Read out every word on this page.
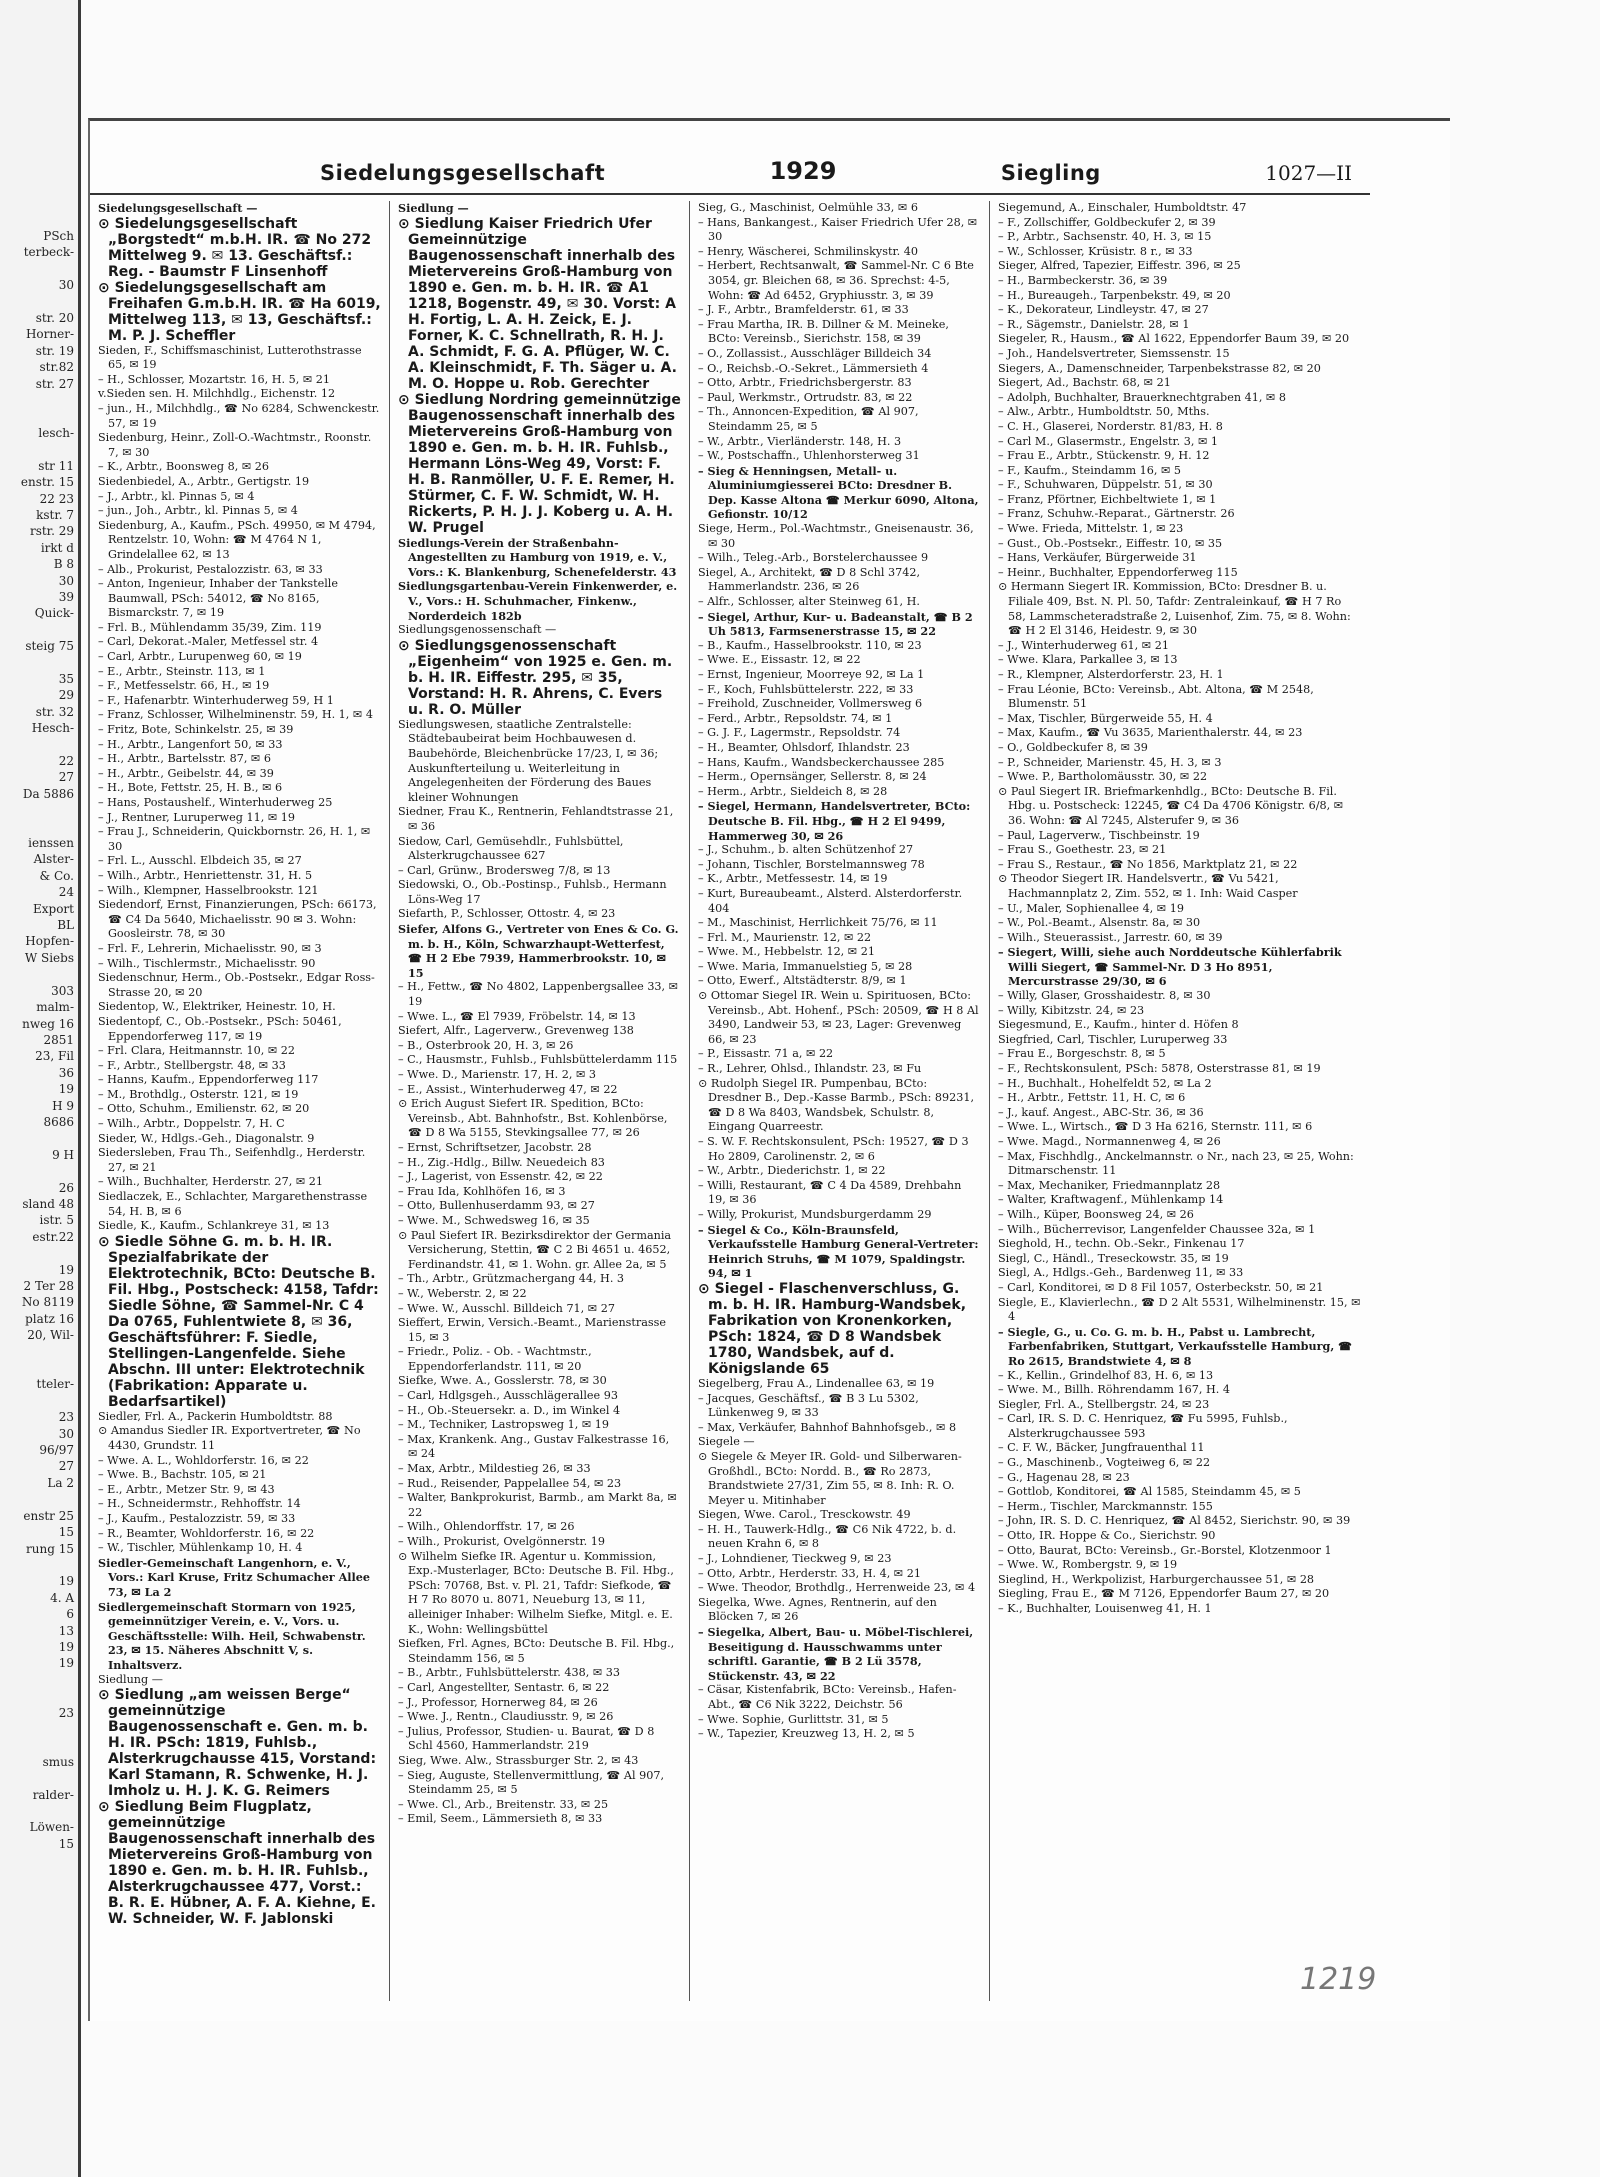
PSch
terbeck-

30

str. 20
Horner-
str. 19
str.82
str. 27

lesch-

str 11
enstr. 15
22 23
kstr. 7
rstr. 29
irkt d
B 8
30
39
Quick-

steig 75

35
29
str. 32
Hesch-

22
27
Da 5886

ienssen
Alster-
& Co.
24
Export
BL
Hopfen-
W Siebs

303
malm-
nweg 16
2851
23, Fil
36
19
H 9
8686

9 H

26
sland 48
istr. 5
estr.22

19
2 Ter 28
No 8119
platz 16
20, Wil-

tteler-

23
30
96/97
27
La 2

enstr 25
15
rung 15

19
4. A
6
13
19
19

23

smus

ralder-

Löwen-
15
Siedelungsgesellschaft	1929	Siegling	1027—II

Siedelungsgesellschaft —

⊙ Siedelungsgesellschaft „Borgstedt“ m.b.H. IR. ☎ No 272 Mittelweg 9. ✉ 13. Geschäftsf.: Reg. - Baumstr F Linsenhoff

⊙ Siedelungsgesellschaft am Freihafen G.m.b.H. IR. ☎ Ha 6019, Mittelweg 113, ✉ 13, Geschäftsf.: M. P. J. Scheffler

Sieden, F., Schiffsmaschinist, Lutterothstrasse 65, ✉ 19

– H., Schlosser, Mozartstr. 16, H. 5, ✉ 21

v.Sieden sen. H. Milchhdlg., Eichenstr. 12

– jun., H., Milchhdlg., ☎ No 6284, Schwenckestr. 57, ✉ 19

Siedenburg, Heinr., Zoll-O.-Wachtmstr., Roonstr. 7, ✉ 30

– K., Arbtr., Boonsweg 8, ✉ 26

Siedenbiedel, A., Arbtr., Gertigstr. 19

– J., Arbtr., kl. Pinnas 5, ✉ 4

– jun., Joh., Arbtr., kl. Pinnas 5, ✉ 4

Siedenburg, A., Kaufm., PSch. 49950, ✉ M 4794, Rentzelstr. 10, Wohn: ☎ M 4764 N 1, Grindelallee 62, ✉ 13

– Alb., Prokurist, Pestalozzistr. 63, ✉ 33

– Anton, Ingenieur, Inhaber der Tankstelle Baumwall, PSch: 54012, ☎ No 8165, Bismarckstr. 7, ✉ 19

– Frl. B., Mühlendamm 35/39, Zim. 119

– Carl, Dekorat.-Maler, Metfessel str. 4

– Carl, Arbtr., Lurupenweg 60, ✉ 19

– E., Arbtr., Steinstr. 113, ✉ 1

– F., Metfesselstr. 66, H., ✉ 19

– F., Hafenarbtr. Winterhuderweg 59, H 1

– Franz, Schlosser, Wilhelminenstr. 59, H. 1, ✉ 4

– Fritz, Bote, Schinkelstr. 25, ✉ 39

– H., Arbtr., Langenfort 50, ✉ 33

– H., Arbtr., Bartelsstr. 87, ✉ 6

– H., Arbtr., Geibelstr. 44, ✉ 39

– H., Bote, Fettstr. 25, H. B., ✉ 6

– Hans, Postaushelf., Winterhuderweg 25

– J., Rentner, Luruperweg 11, ✉ 19

– Frau J., Schneiderin, Quickbornstr. 26, H. 1, ✉ 30

– Frl. L., Ausschl. Elbdeich 35, ✉ 27

– Wilh., Arbtr., Henriettenstr. 31, H. 5

– Wilh., Klempner, Hasselbrookstr. 121

Siedendorf, Ernst, Finanzierungen, PSch: 66173, ☎ C4 Da 5640, Michaelisstr. 90 ✉ 3. Wohn: Goosleirstr. 78, ✉ 30

– Frl. F., Lehrerin, Michaelisstr. 90, ✉ 3

– Wilh., Tischlermstr., Michaelisstr. 90

Siedenschnur, Herm., Ob.-Postsekr., Edgar Ross-Strasse 20, ✉ 20

Siedentop, W., Elektriker, Heinestr. 10, H.

Siedentopf, C., Ob.-Postsekr., PSch: 50461, Eppendorferweg 117, ✉ 19

– Frl. Clara, Heitmannstr. 10, ✉ 22

– F., Arbtr., Stellbergstr. 48, ✉ 33

– Hanns, Kaufm., Eppendorferweg 117

– M., Brothdlg., Osterstr. 121, ✉ 19

– Otto, Schuhm., Emilienstr. 62, ✉ 20

– Wilh., Arbtr., Doppelstr. 7, H. C

Sieder, W., Hdlgs.-Geh., Diagonalstr. 9

Siedersleben, Frau Th., Seifenhdlg., Herderstr. 27, ✉ 21

– Wilh., Buchhalter, Herderstr. 27, ✉ 21

Siedlaczek, E., Schlachter, Margarethenstrasse 54, H. B, ✉ 6

Siedle, K., Kaufm., Schlankreye 31, ✉ 13

⊙ Siedle Söhne G. m. b. H. IR. Spezialfabrikate der Elektrotechnik, BCto: Deutsche B. Fil. Hbg., Postscheck: 4158, Tafdr: Siedle Söhne, ☎ Sammel-Nr. C 4 Da 0765, Fuhlentwiete 8, ✉ 36, Geschäftsführer: F. Siedle, Stellingen-Langenfelde. Siehe Abschn. III unter: Elektrotechnik (Fabrikation: Apparate u. Bedarfsartikel)

Siedler, Frl. A., Packerin Humboldtstr. 88

⊙ Amandus Siedler IR. Exportvertreter, ☎ No 4430, Grundstr. 11

– Wwe. A. L., Wohldorferstr. 16, ✉ 22

– Wwe. B., Bachstr. 105, ✉ 21

– E., Arbtr., Metzer Str. 9, ✉ 43

– H., Schneidermstr., Rehhoffstr. 14

– J., Kaufm., Pestalozzistr. 59, ✉ 33

– R., Beamter, Wohldorferstr. 16, ✉ 22

– W., Tischler, Mühlenkamp 10, H. 4

Siedler-Gemeinschaft Langenhorn, e. V., Vors.: Karl Kruse, Fritz Schumacher Allee 73, ✉ La 2

Siedlergemeinschaft Stormarn von 1925, gemeinnütziger Verein, e. V., Vors. u. Geschäftsstelle: Wilh. Heil, Schwabenstr. 23, ✉ 15. Näheres Abschnitt V, s. Inhaltsverz.

Siedlung —

⊙ Siedlung „am weissen Berge“ gemeinnützige Baugenossenschaft e. Gen. m. b. H. IR. PSch: 1819, Fuhlsb., Alsterkrugchausse 415, Vorstand: Karl Stamann, R. Schwenke, H. J. Imholz u. H. J. K. G. Reimers

⊙ Siedlung Beim Flugplatz, gemeinnützige Baugenossenschaft innerhalb des Mietervereins Groß-Hamburg von 1890 e. Gen. m. b. H. IR. Fuhlsb., Alsterkrugchaussee 477, Vorst.: B. R. E. Hübner, A. F. A. Kiehne, E. W. Schneider, W. F. Jablonski

Siedlung —

⊙ Siedlung Kaiser Friedrich Ufer Gemeinnützige Baugenossenschaft innerhalb des Mietervereins Groß-Hamburg von 1890 e. Gen. m. b. H. IR. ☎ A1 1218, Bogenstr. 49, ✉ 30. Vorst: A H. Fortig, L. A. H. Zeick, E. J. Forner, K. C. Schnellrath, R. H. J. A. Schmidt, F. G. A. Pflüger, W. C. A. Kleinschmidt, F. Th. Säger u. A. M. O. Hoppe u. Rob. Gerechter

⊙ Siedlung Nordring gemeinnützige Baugenossenschaft innerhalb des Mietervereins Groß-Hamburg von 1890 e. Gen. m. b. H. IR. Fuhlsb., Hermann Löns-Weg 49, Vorst: F. H. B. Ranmöller, U. F. E. Remer, H. Stürmer, C. F. W. Schmidt, W. H. Rickerts, P. H. J. J. Koberg u. A. H. W. Prugel

Siedlungs-Verein der Straßenbahn-Angestellten zu Hamburg von 1919, e. V., Vors.: K. Blankenburg, Schenefelderstr. 43

Siedlungsgartenbau-Verein Finkenwerder, e. V., Vors.: H. Schuhmacher, Finkenw., Norderdeich 182b

Siedlungsgenossenschaft —

⊙ Siedlungsgenossenschaft „Eigenheim“ von 1925 e. Gen. m. b. H. IR. Eiffestr. 295, ✉ 35, Vorstand: H. R. Ahrens, C. Evers u. R. O. Müller

Siedlungswesen, staatliche Zentralstelle: Städtebaubeirat beim Hochbauwesen d. Baubehörde, Bleichenbrücke 17/23, I, ✉ 36; Auskunfterteilung u. Weiterleitung in Angelegenheiten der Förderung des Baues kleiner Wohnungen

Siedner, Frau K., Rentnerin, Fehlandtstrasse 21, ✉ 36

Siedow, Carl, Gemüsehdlr., Fuhlsbüttel, Alsterkrugchaussee 627

– Carl, Grünw., Brodersweg 7/8, ✉ 13

Siedowski, O., Ob.-Postinsp., Fuhlsb., Hermann Löns-Weg 17

Siefarth, P., Schlosser, Ottostr. 4, ✉ 23

Siefer, Alfons G., Vertreter von Enes & Co. G. m. b. H., Köln, Schwarzhaupt-Wetterfest, ☎ H 2 Ebe 7939, Hammerbrookstr. 10, ✉ 15

– H., Fettw., ☎ No 4802, Lappenbergsallee 33, ✉ 19

– Wwe. L., ☎ El 7939, Fröbelstr. 14, ✉ 13

Siefert, Alfr., Lagerverw., Grevenweg 138

– B., Osterbrook 20, H. 3, ✉ 26

– C., Hausmstr., Fuhlsb., Fuhlsbüttelerdamm 115

– Wwe. D., Marienstr. 17, H. 2, ✉ 3

– E., Assist., Winterhuderweg 47, ✉ 22

⊙ Erich August Siefert IR. Spedition, BCto: Vereinsb., Abt. Bahnhofstr., Bst. Kohlenbörse, ☎ D 8 Wa 5155, Stevkingsallee 77, ✉ 26

– Ernst, Schriftsetzer, Jacobstr. 28

– H., Zig.-Hdlg., Billw. Neuedeich 83

– J., Lagerist, von Essenstr. 42, ✉ 22

– Frau Ida, Kohlhöfen 16, ✉ 3

– Otto, Bullenhuserdamm 93, ✉ 27

– Wwe. M., Schwedsweg 16, ✉ 35

⊙ Paul Siefert IR. Bezirksdirektor der Germania Versicherung, Stettin, ☎ C 2 Bi 4651 u. 4652, Ferdinandstr. 41, ✉ 1. Wohn. gr. Allee 2a, ✉ 5

– Th., Arbtr., Grützmachergang 44, H. 3

– W., Weberstr. 2, ✉ 22

– Wwe. W., Ausschl. Billdeich 71, ✉ 27

Sieffert, Erwin, Versich.-Beamt., Marienstrasse 15, ✉ 3

– Friedr., Poliz. - Ob. - Wachtmstr., Eppendorferlandstr. 111, ✉ 20

Siefke, Wwe. A., Gosslerstr. 78, ✉ 30

– Carl, Hdlgsgeh., Ausschlägerallee 93

– H., Ob.-Steuersekr. a. D., im Winkel 4

– M., Techniker, Lastropsweg 1, ✉ 19

– Max, Krankenk. Ang., Gustav Falkestrasse 16, ✉ 24

– Max, Arbtr., Mildestieg 26, ✉ 33

– Rud., Reisender, Pappelallee 54, ✉ 23

– Walter, Bankprokurist, Barmb., am Markt 8a, ✉ 22

– Wilh., Ohlendorffstr. 17, ✉ 26

– Wilh., Prokurist, Ovelgönnerstr. 19

⊙ Wilhelm Siefke IR. Agentur u. Kommission, Exp.-Musterlager, BCto: Deutsche B. Fil. Hbg., PSch: 70768, Bst. v. Pl. 21, Tafdr: Siefkode, ☎ H 7 Ro 8070 u. 8071, Neueburg 13, ✉ 11, alleiniger Inhaber: Wilhelm Siefke, Mitgl. e. E. K., Wohn: Wellingsbüttel

Siefken, Frl. Agnes, BCto: Deutsche B. Fil. Hbg., Steindamm 156, ✉ 5

– B., Arbtr., Fuhlsbüttelerstr. 438, ✉ 33

– Carl, Angestellter, Sentastr. 6, ✉ 22

– J., Professor, Hornerweg 84, ✉ 26

– Wwe. J., Rentn., Claudiusstr. 9, ✉ 26

– Julius, Professor, Studien- u. Baurat, ☎ D 8 Schl 4560, Hammerlandstr. 219

Sieg, Wwe. Alw., Strassburger Str. 2, ✉ 43

– Sieg, Auguste, Stellenvermittlung, ☎ Al 907, Steindamm 25, ✉ 5

– Wwe. Cl., Arb., Breitenstr. 33, ✉ 25

– Emil, Seem., Lämmersieth 8, ✉ 33

Sieg, G., Maschinist, Oelmühle 33, ✉ 6

– Hans, Bankangest., Kaiser Friedrich Ufer 28, ✉ 30

– Henry, Wäscherei, Schmilinskystr. 40

– Herbert, Rechtsanwalt, ☎ Sammel-Nr. C 6 Bte 3054, gr. Bleichen 68, ✉ 36. Sprechst: 4-5, Wohn: ☎ Ad 6452, Gryphiusstr. 3, ✉ 39

– J. F., Arbtr., Bramfelderstr. 61, ✉ 33

– Frau Martha, IR. B. Dillner & M. Meineke, BCto: Vereinsb., Sierichstr. 158, ✉ 39

– O., Zollassist., Ausschläger Billdeich 34

– O., Reichsb.-O.-Sekret., Lämmersieth 4

– Otto, Arbtr., Friedrichsbergerstr. 83

– Paul, Werkmstr., Ortrudstr. 83, ✉ 22

– Th., Annoncen-Expedition, ☎ Al 907, Steindamm 25, ✉ 5

– W., Arbtr., Vierländerstr. 148, H. 3

– W., Postschaffn., Uhlenhorsterweg 31

– Sieg & Henningsen, Metall- u. Aluminiumgiesserei BCto: Dresdner B. Dep. Kasse Altona ☎ Merkur 6090, Altona, Gefionstr. 10/12

Siege, Herm., Pol.-Wachtmstr., Gneisenaustr. 36, ✉ 30

– Wilh., Teleg.-Arb., Borstelerchaussee 9

Siegel, A., Architekt, ☎ D 8 Schl 3742, Hammerlandstr. 236, ✉ 26

– Alfr., Schlosser, alter Steinweg 61, H.

– Siegel, Arthur, Kur- u. Badeanstalt, ☎ B 2 Uh 5813, Farmsenerstrasse 15, ✉ 22

– B., Kaufm., Hasselbrookstr. 110, ✉ 23

– Wwe. E., Eissastr. 12, ✉ 22

– Ernst, Ingenieur, Moorreye 92, ✉ La 1

– F., Koch, Fuhlsbüttelerstr. 222, ✉ 33

– Freihold, Zuschneider, Vollmersweg 6

– Ferd., Arbtr., Repsoldstr. 74, ✉ 1

– G. J. F., Lagermstr., Repsoldstr. 74

– H., Beamter, Ohlsdorf, Ihlandstr. 23

– Hans, Kaufm., Wandsbeckerchaussee 285

– Herm., Opernsänger, Sellerstr. 8, ✉ 24

– Herm., Arbtr., Sieldeich 8, ✉ 28

– Siegel, Hermann, Handelsvertreter, BCto: Deutsche B. Fil. Hbg., ☎ H 2 El 9499, Hammerweg 30, ✉ 26

– J., Schuhm., b. alten Schützenhof 27

– Johann, Tischler, Borstelmannsweg 78

– K., Arbtr., Metfessestr. 14, ✉ 19

– Kurt, Bureaubeamt., Alsterd. Alsterdorferstr. 404

– M., Maschinist, Herrlichkeit 75/76, ✉ 11

– Frl. M., Maurienstr. 12, ✉ 22

– Wwe. M., Hebbelstr. 12, ✉ 21

– Wwe. Maria, Immanuelstieg 5, ✉ 28

– Otto, Ewerf., Altstädterstr. 8/9, ✉ 1

⊙ Ottomar Siegel IR. Wein u. Spirituosen, BCto: Vereinsb., Abt. Hohenf., PSch: 20509, ☎ H 8 Al 3490, Landweir 53, ✉ 23, Lager: Grevenweg 66, ✉ 23

– P., Eissastr. 71 a, ✉ 22

– R., Lehrer, Ohlsd., Ihlandstr. 23, ✉ Fu

⊙ Rudolph Siegel IR. Pumpenbau, BCto: Dresdner B., Dep.-Kasse Barmb., PSch: 89231, ☎ D 8 Wa 8403, Wandsbek, Schulstr. 8, Eingang Quarreestr.

– S. W. F. Rechtskonsulent, PSch: 19527, ☎ D 3 Ho 2809, Carolinenstr. 2, ✉ 6

– W., Arbtr., Diederichstr. 1, ✉ 22

– Willi, Restaurant, ☎ C 4 Da 4589, Drehbahn 19, ✉ 36

– Willy, Prokurist, Mundsburgerdamm 29

– Siegel & Co., Köln-Braunsfeld, Verkaufsstelle Hamburg General-Vertreter: Heinrich Struhs, ☎ M 1079, Spaldingstr. 94, ✉ 1

⊙ Siegel - Flaschenverschluss, G. m. b. H. IR. Hamburg-Wandsbek, Fabrikation von Kronenkorken, PSch: 1824, ☎ D 8 Wandsbek 1780, Wandsbek, auf d. Königslande 65

Siegelberg, Frau A., Lindenallee 63, ✉ 19

– Jacques, Geschäftsf., ☎ B 3 Lu 5302, Lünkenweg 9, ✉ 33

– Max, Verkäufer, Bahnhof Bahnhofsgeb., ✉ 8

Siegele —

⊙ Siegele & Meyer IR. Gold- und Silberwaren-Großhdl., BCto: Nordd. B., ☎ Ro 2873, Brandstwiete 27/31, Zim 55, ✉ 8. Inh: R. O. Meyer u. Mitinhaber

Siegen, Wwe. Carol., Tresckowstr. 49

– H. H., Tauwerk-Hdlg., ☎ C6 Nik 4722, b. d. neuen Krahn 6, ✉ 8

– J., Lohndiener, Tieckweg 9, ✉ 23

– Otto, Arbtr., Herderstr. 33, H. 4, ✉ 21

– Wwe. Theodor, Brothdlg., Herrenweide 23, ✉ 4

Siegelka, Wwe. Agnes, Rentnerin, auf den Blöcken 7, ✉ 26

– Siegelka, Albert, Bau- u. Möbel-Tischlerei, Beseitigung d. Hausschwamms unter schriftl. Garantie, ☎ B 2 Lü 3578, Stückenstr. 43, ✉ 22

– Cäsar, Kistenfabrik, BCto: Vereinsb., Hafen-Abt., ☎ C6 Nik 3222, Deichstr. 56

– Wwe. Sophie, Gurlittstr. 31, ✉ 5

– W., Tapezier, Kreuzweg 13, H. 2, ✉ 5

Siegemund, A., Einschaler, Humboldtstr. 47

– F., Zollschiffer, Goldbeckufer 2, ✉ 39

– P., Arbtr., Sachsenstr. 40, H. 3, ✉ 15

– W., Schlosser, Krüsistr. 8 r., ✉ 33

Sieger, Alfred, Tapezier, Eiffestr. 396, ✉ 25

– H., Barmbeckerstr. 36, ✉ 39

– H., Bureaugeh., Tarpenbekstr. 49, ✉ 20

– K., Dekorateur, Lindleystr. 47, ✉ 27

– R., Sägemstr., Danielstr. 28, ✉ 1

Siegeler, R., Hausm., ☎ Al 1622, Eppendorfer Baum 39, ✉ 20

– Joh., Handelsvertreter, Siemssenstr. 15

Siegers, A., Damenschneider, Tarpenbekstrasse 82, ✉ 20

Siegert, Ad., Bachstr. 68, ✉ 21

– Adolph, Buchhalter, Brauerknechtgraben 41, ✉ 8

– Alw., Arbtr., Humboldtstr. 50, Mths.

– C. H., Glaserei, Norderstr. 81/83, H. 8

– Carl M., Glasermstr., Engelstr. 3, ✉ 1

– Frau E., Arbtr., Stückenstr. 9, H. 12

– F., Kaufm., Steindamm 16, ✉ 5

– F., Schuhwaren, Düppelstr. 51, ✉ 30

– Franz, Pförtner, Eichbeltwiete 1, ✉ 1

– Franz, Schuhw.-Reparat., Gärtnerstr. 26

– Wwe. Frieda, Mittelstr. 1, ✉ 23

– Gust., Ob.-Postsekr., Eiffestr. 10, ✉ 35

– Hans, Verkäufer, Bürgerweide 31

– Heinr., Buchhalter, Eppendorferweg 115

⊙ Hermann Siegert IR. Kommission, BCto: Dresdner B. u. Filiale 409, Bst. N. Pl. 50, Tafdr: Zentraleinkauf, ☎ H 7 Ro 58, Lammscheteradstraße 2, Luisenhof, Zim. 75, ✉ 8. Wohn: ☎ H 2 El 3146, Heidestr. 9, ✉ 30

– J., Winterhuderweg 61, ✉ 21

– Wwe. Klara, Parkallee 3, ✉ 13

– R., Klempner, Alsterdorferstr. 23, H. 1

– Frau Léonie, BCto: Vereinsb., Abt. Altona, ☎ M 2548, Blumenstr. 51

– Max, Tischler, Bürgerweide 55, H. 4

– Max, Kaufm., ☎ Vu 3635, Marienthalerstr. 44, ✉ 23

– O., Goldbeckufer 8, ✉ 39

– P., Schneider, Marienstr. 45, H. 3, ✉ 3

– Wwe. P., Bartholomäusstr. 30, ✉ 22

⊙ Paul Siegert IR. Briefmarkenhdlg., BCto: Deutsche B. Fil. Hbg. u. Postscheck: 12245, ☎ C4 Da 4706 Königstr. 6/8, ✉ 36. Wohn: ☎ Al 7245, Alsterufer 9, ✉ 36

– Paul, Lagerverw., Tischbeinstr. 19

– Frau S., Goethestr. 23, ✉ 21

– Frau S., Restaur., ☎ No 1856, Marktplatz 21, ✉ 22

⊙ Theodor Siegert IR. Handelsvertr., ☎ Vu 5421, Hachmannplatz 2, Zim. 552, ✉ 1. Inh: Waid Casper

– U., Maler, Sophienallee 4, ✉ 19

– W., Pol.-Beamt., Alsenstr. 8a, ✉ 30

– Wilh., Steuerassist., Jarrestr. 60, ✉ 39

– Siegert, Willi, siehe auch Norddeutsche Kühlerfabrik Willi Siegert, ☎ Sammel-Nr. D 3 Ho 8951, Mercurstrasse 29/30, ✉ 6

– Willy, Glaser, Grosshaidestr. 8, ✉ 30

– Willy, Kibitzstr. 24, ✉ 23

Siegesmund, E., Kaufm., hinter d. Höfen 8

Siegfried, Carl, Tischler, Luruperweg 33

– Frau E., Borgeschstr. 8, ✉ 5

– F., Rechtskonsulent, PSch: 5878, Osterstrasse 81, ✉ 19

– H., Buchhalt., Hohelfeldt 52, ✉ La 2

– H., Arbtr., Fettstr. 11, H. C, ✉ 6

– J., kauf. Angest., ABC-Str. 36, ✉ 36

– Wwe. L., Wirtsch., ☎ D 3 Ha 6216, Sternstr. 111, ✉ 6

– Wwe. Magd., Normannenweg 4, ✉ 26

– Max, Fischhdlg., Anckelmannstr. o Nr., nach 23, ✉ 25, Wohn: Ditmarschenstr. 11

– Max, Mechaniker, Friedmannplatz 28

– Walter, Kraftwagenf., Mühlenkamp 14

– Wilh., Küper, Boonsweg 24, ✉ 26

– Wilh., Bücherrevisor, Langenfelder Chaussee 32a, ✉ 1

Sieghold, H., techn. Ob.-Sekr., Finkenau 17

Siegl, C., Händl., Treseckowstr. 35, ✉ 19

Siegl, A., Hdlgs.-Geh., Bardenweg 11, ✉ 33

– Carl, Konditorei, ✉ D 8 Fil 1057, Osterbeckstr. 50, ✉ 21

Siegle, E., Klavierlechn., ☎ D 2 Alt 5531, Wilhelminenstr. 15, ✉ 4

– Siegle, G., u. Co. G. m. b. H., Pabst u. Lambrecht, Farbenfabriken, Stuttgart, Verkaufsstelle Hamburg, ☎ Ro 2615, Brandstwiete 4, ✉ 8

– K., Kellin., Grindelhof 83, H. 6, ✉ 13

– Wwe. M., Billh. Röhrendamm 167, H. 4

Siegler, Frl. A., Stellbergstr. 24, ✉ 23

– Carl, IR. S. D. C. Henriquez, ☎ Fu 5995, Fuhlsb., Alsterkrugchaussee 593

– C. F. W., Bäcker, Jungfrauenthal 11

– G., Maschinenb., Vogteiweg 6, ✉ 22

– G., Hagenau 28, ✉ 23

– Gottlob, Konditorei, ☎ Al 1585, Steindamm 45, ✉ 5

– Herm., Tischler, Marckmannstr. 155

– John, IR. S. D. C. Henriquez, ☎ Al 8452, Sierichstr. 90, ✉ 39

– Otto, IR. Hoppe & Co., Sierichstr. 90

– Otto, Baurat, BCto: Vereinsb., Gr.-Borstel, Klotzenmoor 1

– Wwe. W., Rombergstr. 9, ✉ 19

Sieglind, H., Werkpolizist, Harburgerchaussee 51, ✉ 28

Siegling, Frau E., ☎ M 7126, Eppendorfer Baum 27, ✉ 20

– K., Buchhalter, Louisenweg 41, H. 1

1219
